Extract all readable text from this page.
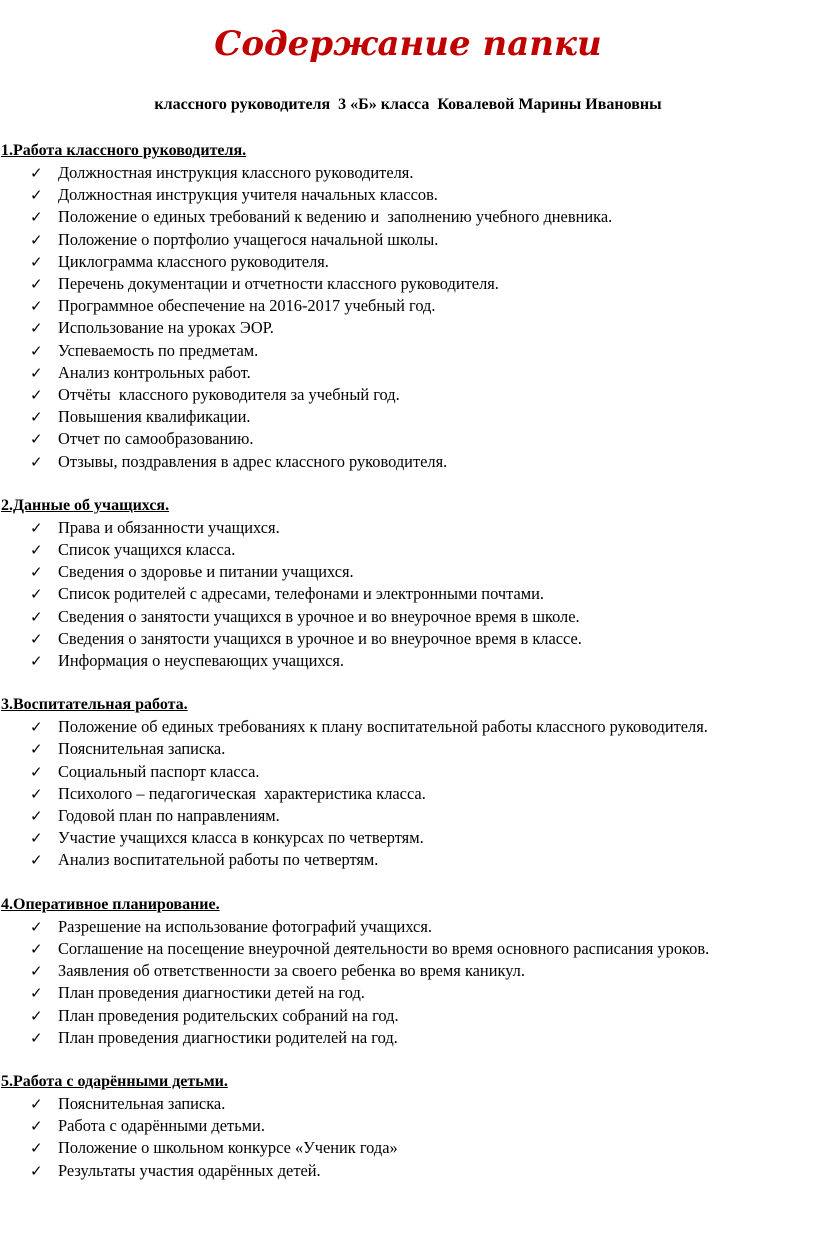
Содержание папки

классного руководителя  3 «Б» класса  Ковалевой Марины Ивановны

1.Работа классного руководителя.

✓ Должностная инструкция классного руководителя.
✓ Должностная инструкция учителя начальных классов.
✓ Положение о единых требований к ведению и  заполнению учебного дневника.
✓ Положение о портфолио учащегося начальной школы.
✓ Циклограмма классного руководителя.
✓ Перечень документации и отчетности классного руководителя.
✓ Программное обеспечение на 2016-2017 учебный год.
✓ Использование на уроках ЭОР.
✓ Успеваемость по предметам.
✓ Анализ контрольных работ.
✓ Отчёты  классного руководителя за учебный год.
✓ Повышения квалификации.
✓ Отчет по самообразованию.
✓ Отзывы, поздравления в адрес классного руководителя.

2.Данные об учащихся.

✓ Права и обязанности учащихся.
✓ Список учащихся класса.
✓ Сведения о здоровье и питании учащихся.
✓ Список родителей с адресами, телефонами и электронными почтами.
✓ Сведения о занятости учащихся в урочное и во внеурочное время в школе.
✓ Сведения о занятости учащихся в урочное и во внеурочное время в классе.
✓ Информация о неуспевающих учащихся.

3.Воспитательная работа.

✓ Положение об единых требованиях к плану воспитательной работы классного руководителя.
✓ Пояснительная записка.
✓ Социальный паспорт класса.
✓ Психолого – педагогическая  характеристика класса.
✓ Годовой план по направлениям.
✓ Участие учащихся класса в конкурсах по четвертям.
✓ Анализ воспитательной работы по четвертям.

4.Оперативное планирование.

✓ Разрешение на использование фотографий учащихся.
✓ Соглашение на посещение внеурочной деятельности во время основного расписания уроков.
✓ Заявления об ответственности за своего ребенка во время каникул.
✓ План проведения диагностики детей на год.
✓ План проведения родительских собраний на год.
✓ План проведения диагностики родителей на год.

5.Работа с одарёнными детьми.

✓ Пояснительная записка.
✓ Работа с одарёнными детьми.
✓ Положение о школьном конкурсе «Ученик года»
✓ Результаты участия одарённых детей.
